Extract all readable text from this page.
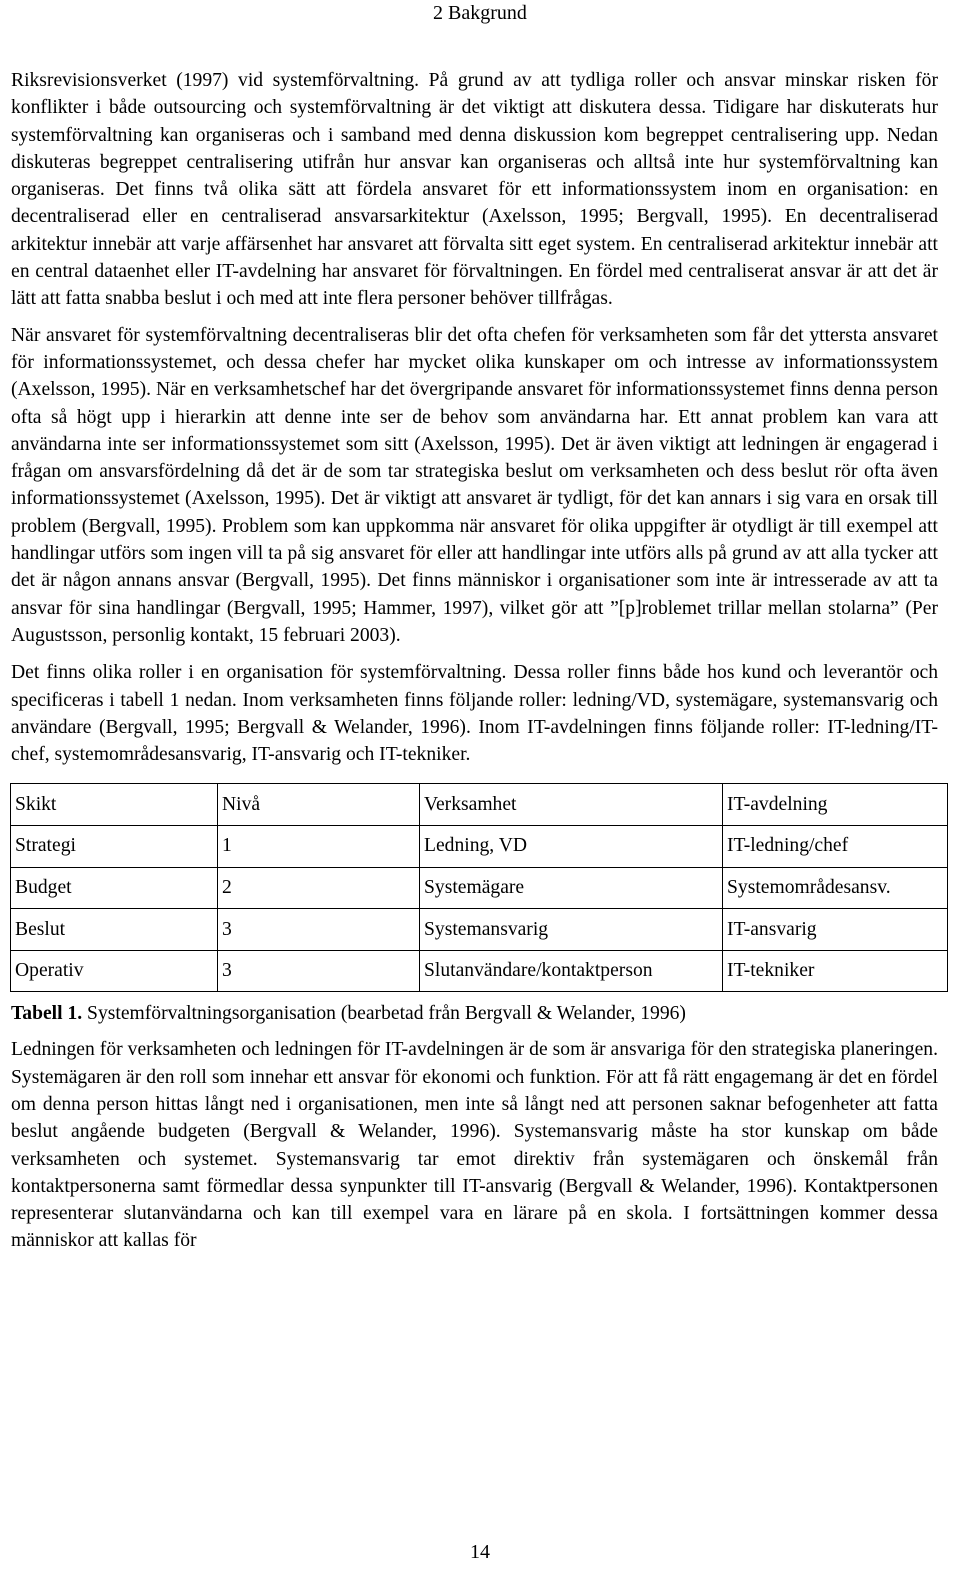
2 Bakgrund

Riksrevisionsverket (1997) vid systemförvaltning. På grund av att tydliga roller och ansvar minskar risken för konflikter i både outsourcing och systemförvaltning är det viktigt att diskutera dessa. Tidigare har diskuterats hur systemförvaltning kan organiseras och i samband med denna diskussion kom begreppet centralisering upp. Nedan diskuteras begreppet centralisering utifrån hur ansvar kan organiseras och alltså inte hur systemförvaltning kan organiseras. Det finns två olika sätt att fördela ansvaret för ett informationssystem inom en organisation: en decentraliserad eller en centraliserad ansvarsarkitektur (Axelsson, 1995; Bergvall, 1995). En decentraliserad arkitektur innebär att varje affärsenhet har ansvaret att förvalta sitt eget system. En centraliserad arkitektur innebär att en central dataenhet eller IT-avdelning har ansvaret för förvaltningen. En fördel med centraliserat ansvar är att det är lätt att fatta snabba beslut i och med att inte flera personer behöver tillfrågas.

När ansvaret för systemförvaltning decentraliseras blir det ofta chefen för verksamheten som får det yttersta ansvaret för informationssystemet, och dessa chefer har mycket olika kunskaper om och intresse av informationssystem (Axelsson, 1995). När en verksamhetschef har det övergripande ansvaret för informationssystemet finns denna person ofta så högt upp i hierarkin att denne inte ser de behov som användarna har. Ett annat problem kan vara att användarna inte ser informationssystemet som sitt (Axelsson, 1995). Det är även viktigt att ledningen är engagerad i frågan om ansvarsfördelning då det är de som tar strategiska beslut om verksamheten och dess beslut rör ofta även informationssystemet (Axelsson, 1995). Det är viktigt att ansvaret är tydligt, för det kan annars i sig vara en orsak till problem (Bergvall, 1995). Problem som kan uppkomma när ansvaret för olika uppgifter är otydligt är till exempel att handlingar utförs som ingen vill ta på sig ansvaret för eller att handlingar inte utförs alls på grund av att alla tycker att det är någon annans ansvar (Bergvall, 1995). Det finns människor i organisationer som inte är intresserade av att ta ansvar för sina handlingar (Bergvall, 1995; Hammer, 1997), vilket gör att ”[p]roblemet trillar mellan stolarna” (Per Augustsson, personlig kontakt, 15 februari 2003).

Det finns olika roller i en organisation för systemförvaltning. Dessa roller finns både hos kund och leverantör och specificeras i tabell 1 nedan. Inom verksamheten finns följande roller: ledning/VD, systemägare, systemansvarig och användare (Bergvall, 1995; Bergvall & Welander, 1996). Inom IT-avdelningen finns följande roller: IT-ledning/IT-chef, systemområdesansvarig, IT-ansvarig och IT-tekniker.

Skikt	Nivå	Verksamhet	IT-avdelning
Strategi	1	Ledning, VD	IT-ledning/chef
Budget	2	Systemägare	Systemområdesansv.
Beslut	3	Systemansvarig	IT-ansvarig
Operativ	3	Slutanvändare/kontaktperson	IT-tekniker
Tabell 1. Systemförvaltningsorganisation (bearbetad från Bergvall & Welander, 1996)

Ledningen för verksamheten och ledningen för IT-avdelningen är de som är ansvariga för den strategiska planeringen. Systemägaren är den roll som innehar ett ansvar för ekonomi och funktion. För att få rätt engagemang är det en fördel om denna person hittas långt ned i organisationen, men inte så långt ned att personen saknar befogenheter att fatta beslut angående budgeten (Bergvall & Welander, 1996). Systemansvarig måste ha stor kunskap om både verksamheten och systemet. Systemansvarig tar emot direktiv från systemägaren och önskemål från kontaktpersonerna samt förmedlar dessa synpunkter till IT-ansvarig (Bergvall & Welander, 1996). Kontaktpersonen representerar slutanvändarna och kan till exempel vara en lärare på en skola. I fortsättningen kommer dessa människor att kallas för

14
